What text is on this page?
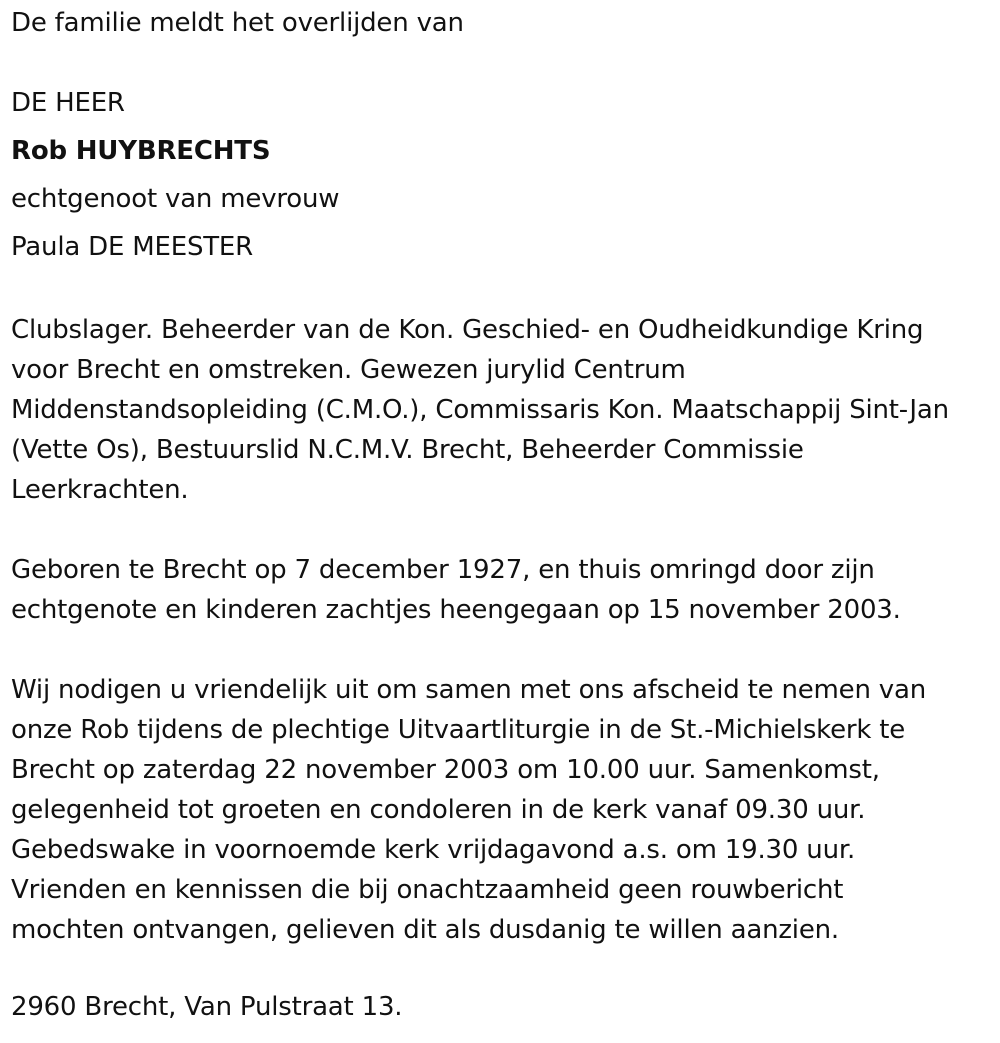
De familie meldt het overlijden van
DE HEER
Rob HUYBRECHTS
echtgenoot van mevrouw
Paula DE MEESTER
Clubslager. Beheerder van de Kon. Geschied- en Oudheidkundige Kring
voor Brecht en omstreken. Gewezen jurylid Centrum
Middenstandsopleiding (C.M.O.), Commissaris Kon. Maatschappij Sint-Jan
(Vette Os), Bestuurslid N.C.M.V. Brecht, Beheerder Commissie
Leerkrachten.
Geboren te Brecht op 7 december 1927, en thuis omringd door zijn
echtgenote en kinderen zachtjes heengegaan op 15 november 2003.
Wij nodigen u vriendelijk uit om samen met ons afscheid te nemen van
onze Rob tijdens de plechtige Uitvaartliturgie in de St.-Michielskerk te
Brecht op zaterdag 22 november 2003 om 10.00 uur. Samenkomst,
gelegenheid tot groeten en condoleren in de kerk vanaf 09.30 uur.
Gebedswake in voornoemde kerk vrijdagavond a.s. om 19.30 uur.
Vrienden en kennissen die bij onachtzaamheid geen rouwbericht
mochten ontvangen, gelieven dit als dusdanig te willen aanzien.
2960 Brecht, Van Pulstraat 13.
